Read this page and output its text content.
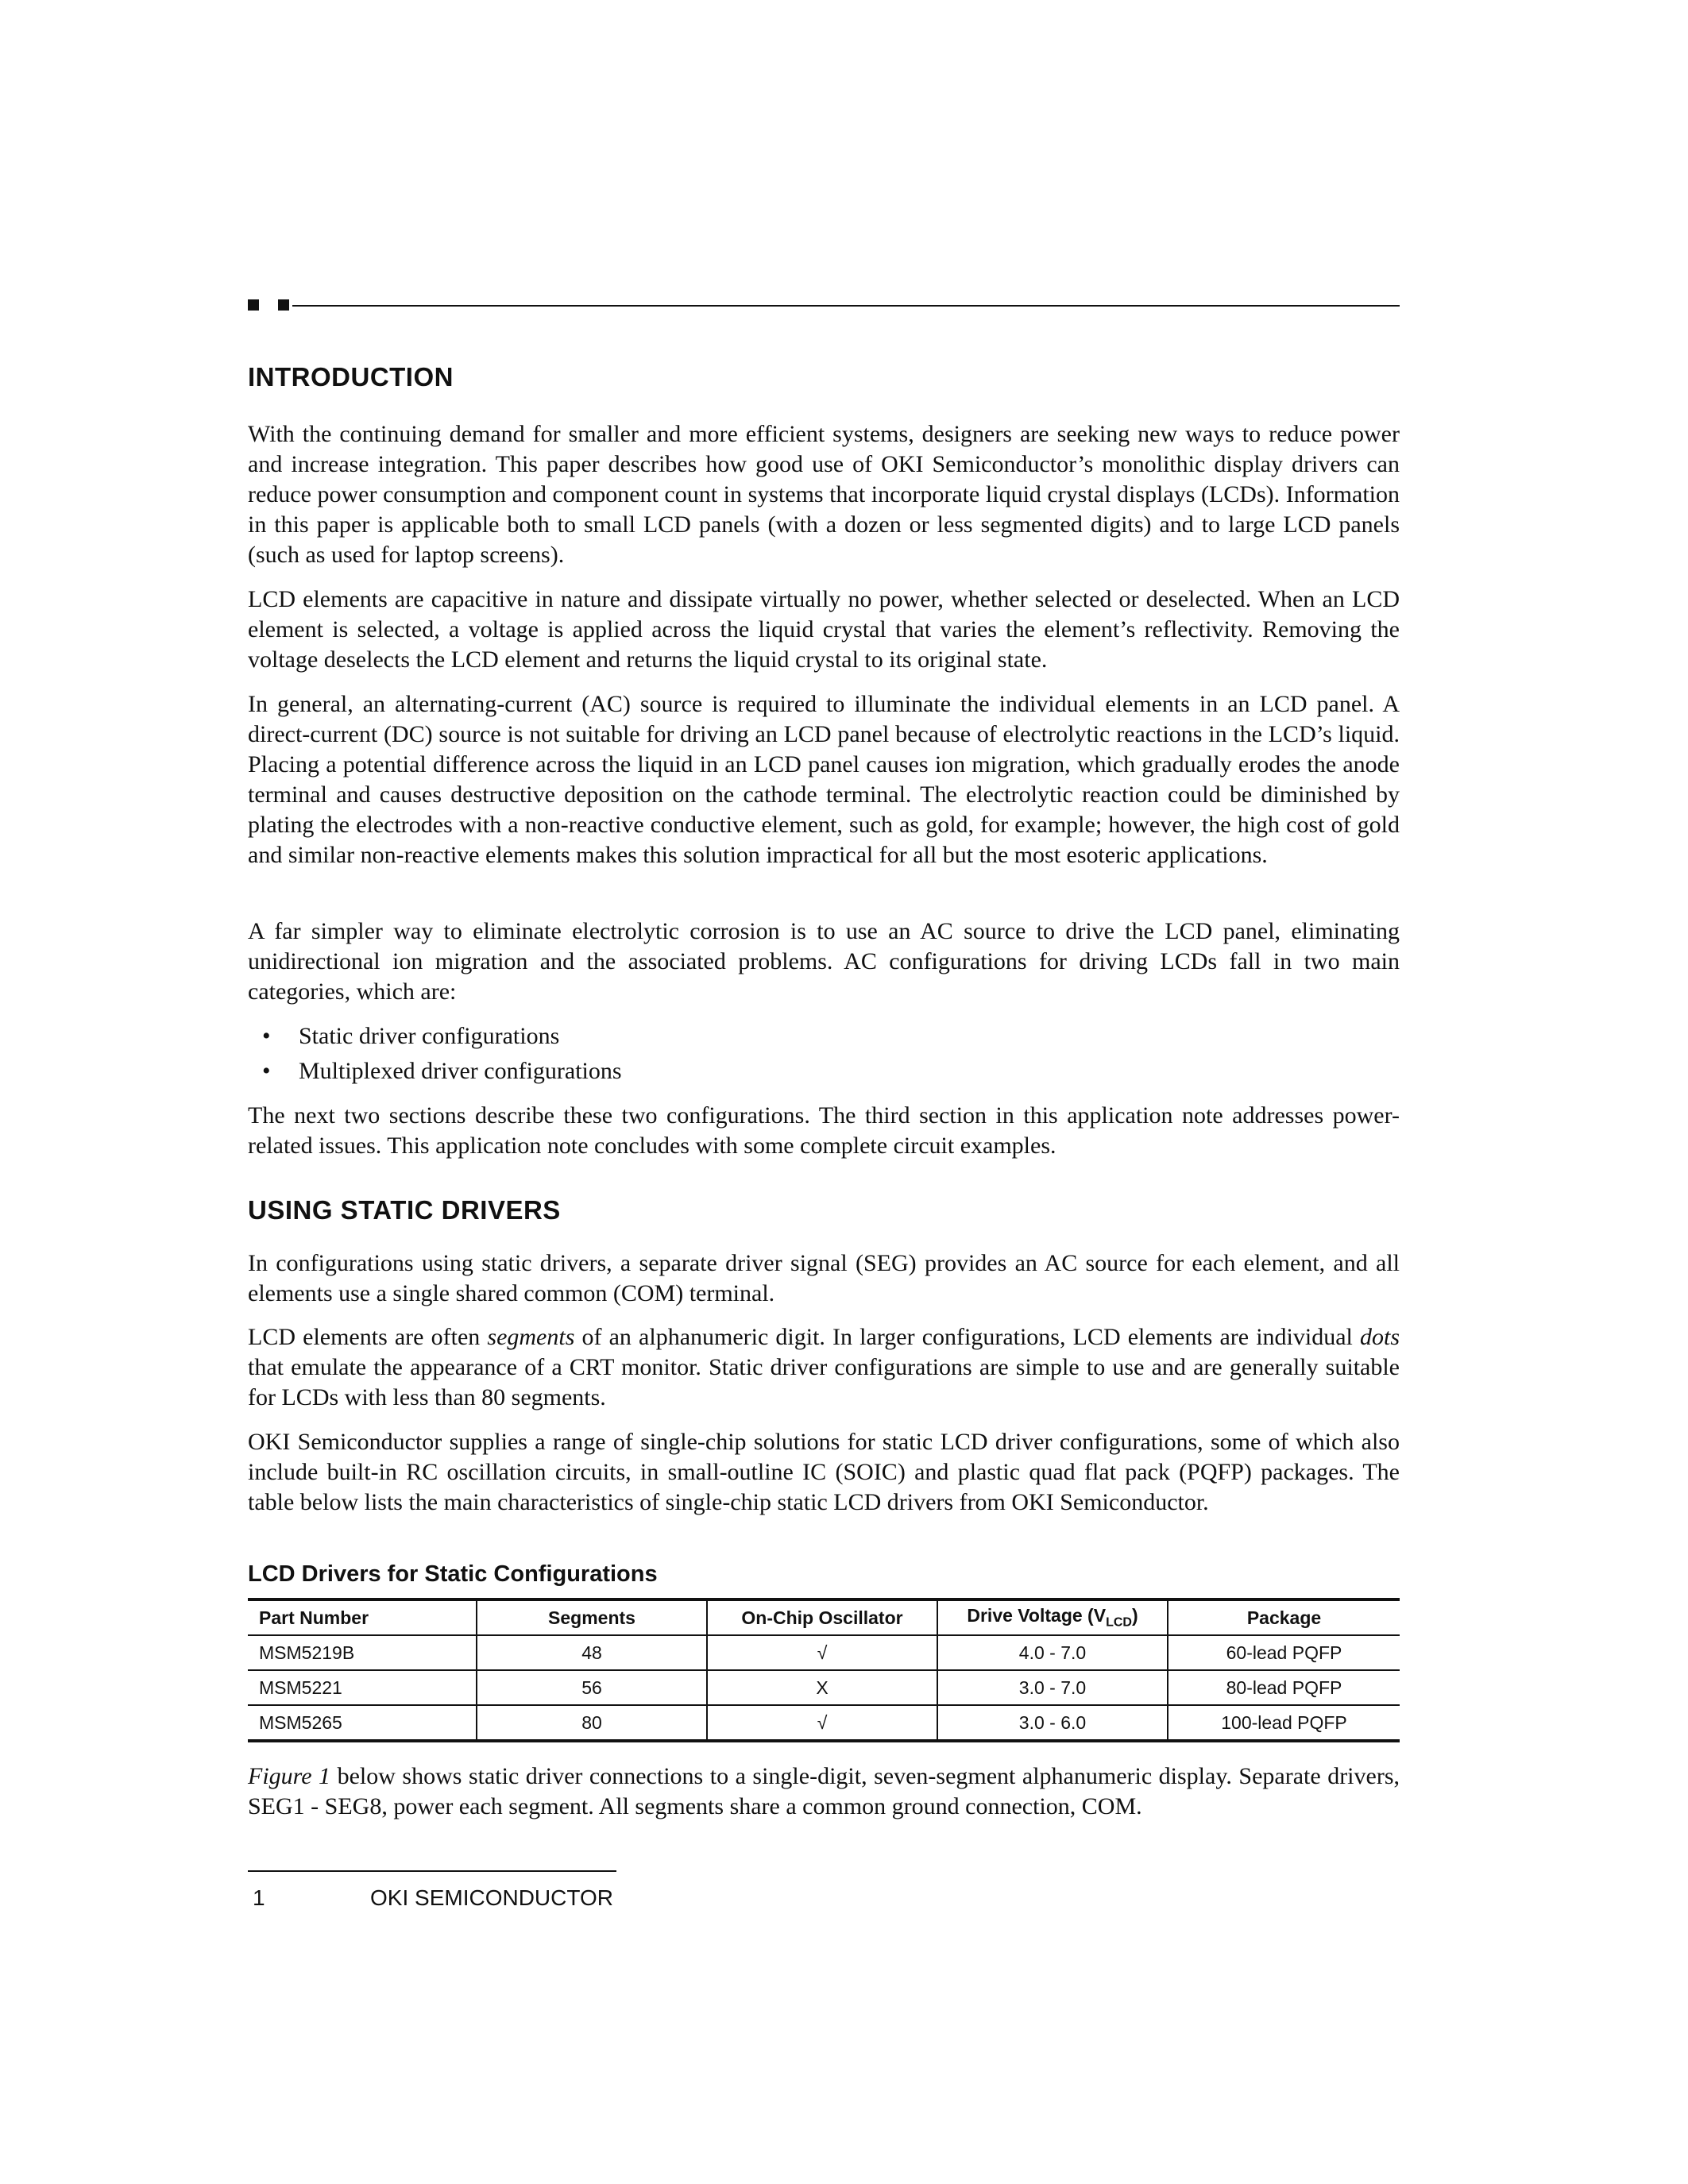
INTRODUCTION

With the continuing demand for smaller and more efficient systems, designers are seeking new ways to reduce power and increase integration. This paper describes how good use of OKI Semiconductor’s monolithic display drivers can reduce power consumption and component count in systems that incorporate liquid crystal displays (LCDs). Information in this paper is applicable both to small LCD panels (with a dozen or less segmented digits) and to large LCD panels (such as used for laptop screens).

LCD elements are capacitive in nature and dissipate virtually no power, whether selected or deselected. When an LCD element is selected, a voltage is applied across the liquid crystal that varies the element’s reflectivity. Removing the voltage deselects the LCD element and returns the liquid crystal to its original state.

In general, an alternating-current (AC) source is required to illuminate the individual elements in an LCD panel. A direct-current (DC) source is not suitable for driving an LCD panel because of electrolytic reactions in the LCD’s liquid. Placing a potential difference across the liquid in an LCD panel causes ion migration, which gradually erodes the anode terminal and causes destructive deposition on the cathode terminal. The electrolytic reaction could be diminished by plating the electrodes with a non-reactive conductive element, such as gold, for example; however, the high cost of gold and similar non-reactive elements makes this solution impractical for all but the most esoteric applications.

A far simpler way to eliminate electrolytic corrosion is to use an AC source to drive the LCD panel, eliminating unidirectional ion migration and the associated problems. AC configurations for driving LCDs fall in two main categories, which are:

• Static driver configurations
• Multiplexed driver configurations

The next two sections describe these two configurations. The third section in this application note addresses power-related issues. This application note concludes with some complete circuit examples.

USING STATIC DRIVERS

In configurations using static drivers, a separate driver signal (SEG) provides an AC source for each element, and all elements use a single shared common (COM) terminal.

LCD elements are often segments of an alphanumeric digit. In larger configurations, LCD elements are individual dots that emulate the appearance of a CRT monitor. Static driver configurations are simple to use and are generally suitable for LCDs with less than 80 segments.

OKI Semiconductor supplies a range of single-chip solutions for static LCD driver configurations, some of which also include built-in RC oscillation circuits, in small-outline IC (SOIC) and plastic quad flat pack (PQFP) packages. The table below lists the main characteristics of single-chip static LCD drivers from OKI Semiconductor.

LCD Drivers for Static Configurations
Part Number	Segments	On-Chip Oscillator	Drive Voltage $(V_{LCD})$	Package
MSM5219B	48	√	4.0 - 7.0	60-lead PQFP
MSM5221	56	X	3.0 - 7.0	80-lead PQFP
MSM5265	80	√	3.0 - 6.0	100-lead PQFP

Figure 1 below shows static driver connections to a single-digit, seven-segment alphanumeric display. Separate drivers, SEG1 - SEG8, power each segment. All segments share a common ground connection, COM.

1	OKI SEMICONDUCTOR
